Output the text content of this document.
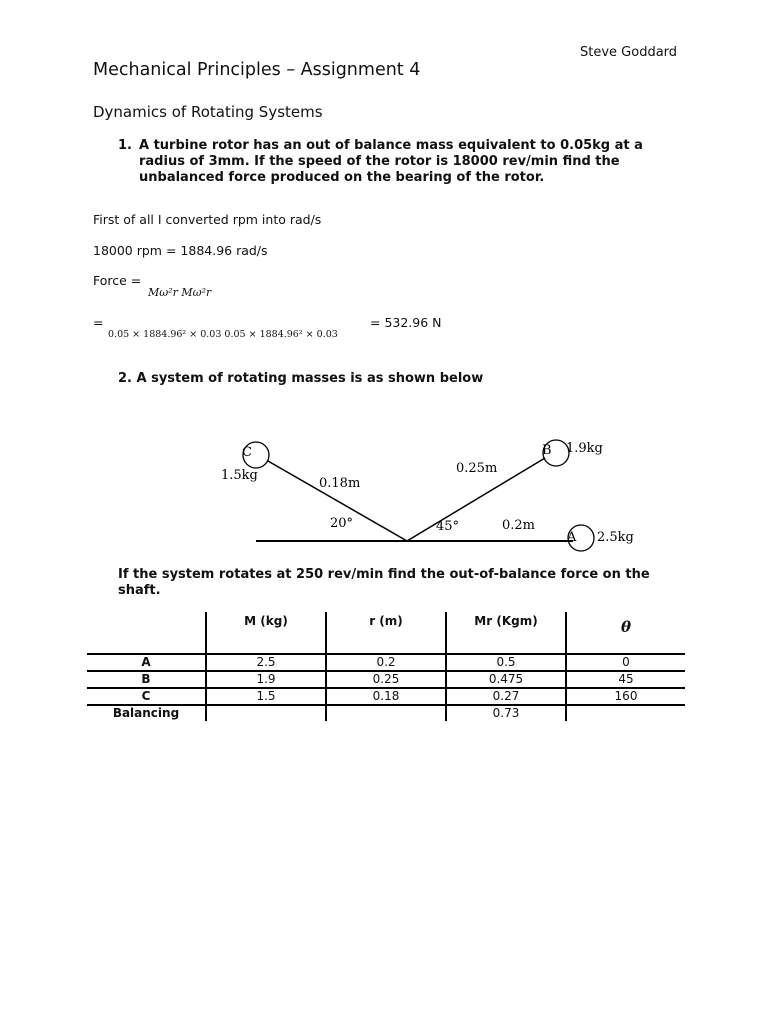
Steve Goddard
Mechanical Principles – Assignment 4
Dynamics of Rotating Systems
1. A turbine rotor has an out of balance mass equivalent to 0.05kg at a radius of 3mm. If the speed of the rotor is 18000 rev/min find the unbalanced force produced on the bearing of the rotor.
First of all I converted rpm into rad/s
18000 rpm = 1884.96 rad/s
Force =
Mω²r Mω²r
=
0.05 × 1884.96² × 0.03 0.05 × 1884.96² × 0.03
= 532.96 N
2. A system of rotating masses is as shown below
C
1.5kg
0.18m
20°
B 1.9kg
0.25m
45°
A 2.5kg
0.2m
If the system rotates at 250 rev/min find the out-of-balance force on the shaft.
	M (kg)	r (m)	Mr (Kgm)	θ
A	2.5	0.2	0.5	0
B	1.9	0.25	0.475	45
C	1.5	0.18	0.27	160
Balancing			0.73	
